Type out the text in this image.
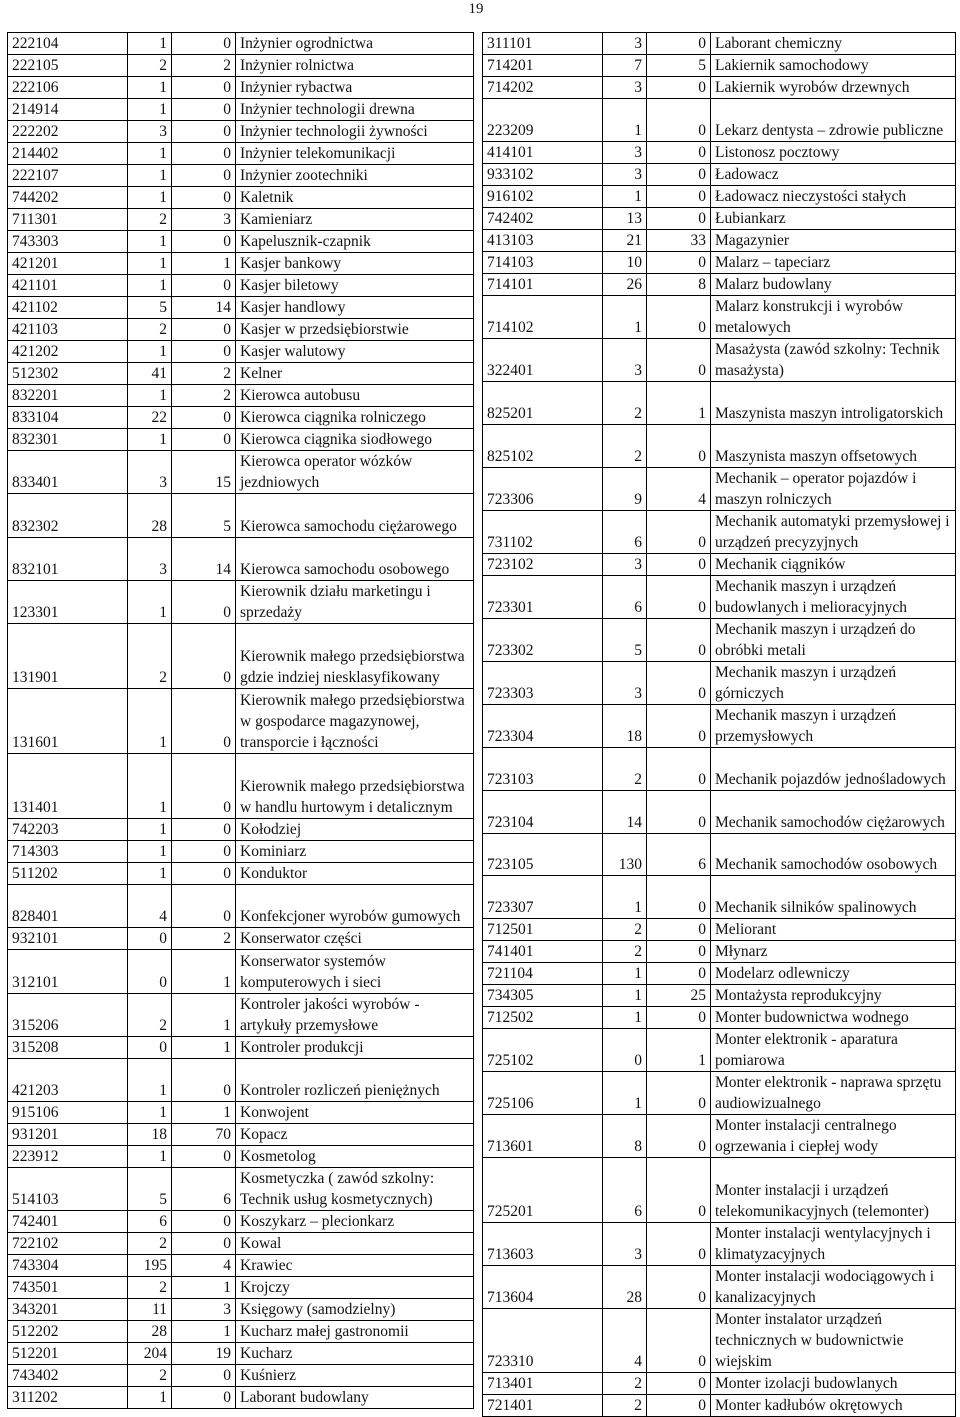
19
222104	1	0	Inżynier ogrodnictwa
222105	2	2	Inżynier rolnictwa
222106	1	0	Inżynier rybactwa
214914	1	0	Inżynier technologii drewna
222202	3	0	Inżynier technologii żywności
214402	1	0	Inżynier telekomunikacji
222107	1	0	Inżynier zootechniki
744202	1	0	Kaletnik
711301	2	3	Kamieniarz
743303	1	0	Kapelusznik-czapnik
421201	1	1	Kasjer bankowy
421101	1	0	Kasjer biletowy
421102	5	14	Kasjer handlowy
421103	2	0	Kasjer w przedsiębiorstwie
421202	1	0	Kasjer walutowy
512302	41	2	Kelner
832201	1	2	Kierowca autobusu
833104	22	0	Kierowca ciągnika rolniczego
832301	1	0	Kierowca ciągnika siodłowego
833401	3	15	Kierowca operator wózków jezdniowych
832302	28	5	Kierowca samochodu ciężarowego
832101	3	14	Kierowca samochodu osobowego
123301	1	0	Kierownik działu marketingu i sprzedaży
131901	2	0	Kierownik małego przedsiębiorstwa gdzie indziej niesklasyfikowany
131601	1	0	Kierownik małego przedsiębiorstwa w gospodarce magazynowej, transporcie i łączności
131401	1	0	Kierownik małego przedsiębiorstwa w handlu hurtowym i detalicznym
742203	1	0	Kołodziej
714303	1	0	Kominiarz
511202	1	0	Konduktor
828401	4	0	Konfekcjoner wyrobów gumowych
932101	0	2	Konserwator części
312101	0	1	Konserwator systemów komputerowych i sieci
315206	2	1	Kontroler jakości wyrobów - artykuły przemysłowe
315208	0	1	Kontroler produkcji
421203	1	0	Kontroler rozliczeń pieniężnych
915106	1	1	Konwojent
931201	18	70	Kopacz
223912	1	0	Kosmetolog
514103	5	6	Kosmetyczka ( zawód szkolny: Technik usług kosmetycznych)
742401	6	0	Koszykarz – plecionkarz
722102	2	0	Kowal
743304	195	4	Krawiec
743501	2	1	Krojczy
343201	11	3	Księgowy (samodzielny)
512202	28	1	Kucharz małej gastronomii
512201	204	19	Kucharz
743402	2	0	Kuśnierz
311202	1	0	Laborant budowlany
311101	3	0	Laborant chemiczny
714201	7	5	Lakiernik samochodowy
714202	3	0	Lakiernik wyrobów drzewnych
223209	1	0	Lekarz dentysta – zdrowie publiczne
414101	3	0	Listonosz pocztowy
933102	3	0	Ładowacz
916102	1	0	Ładowacz nieczystości stałych
742402	13	0	Łubiankarz
413103	21	33	Magazynier
714103	10	0	Malarz – tapeciarz
714101	26	8	Malarz budowlany
714102	1	0	Malarz konstrukcji i wyrobów metalowych
322401	3	0	Masażysta (zawód szkolny: Technik masażysta)
825201	2	1	Maszynista maszyn introligatorskich
825102	2	0	Maszynista maszyn offsetowych
723306	9	4	Mechanik – operator pojazdów i maszyn rolniczych
731102	6	0	Mechanik automatyki przemysłowej i urządzeń precyzyjnych
723102	3	0	Mechanik ciągników
723301	6	0	Mechanik maszyn i urządzeń budowlanych i melioracyjnych
723302	5	0	Mechanik maszyn i urządzeń do obróbki metali
723303	3	0	Mechanik maszyn i urządzeń górniczych
723304	18	0	Mechanik maszyn i urządzeń przemysłowych
723103	2	0	Mechanik pojazdów jednośladowych
723104	14	0	Mechanik samochodów ciężarowych
723105	130	6	Mechanik samochodów osobowych
723307	1	0	Mechanik silników spalinowych
712501	2	0	Meliorant
741401	2	0	Młynarz
721104	1	0	Modelarz odlewniczy
734305	1	25	Montażysta reprodukcyjny
712502	1	0	Monter budownictwa wodnego
725102	0	1	Monter elektronik - aparatura pomiarowa
725106	1	0	Monter elektronik - naprawa sprzętu audiowizualnego
713601	8	0	Monter instalacji centralnego ogrzewania i ciepłej wody
725201	6	0	Monter instalacji i urządzeń telekomunikacyjnych (telemonter)
713603	3	0	Monter instalacji wentylacyjnych i klimatyzacyjnych
713604	28	0	Monter instalacji wodociągowych i kanalizacyjnych
723310	4	0	Monter instalator urządzeń technicznych w budownictwie wiejskim
713401	2	0	Monter izolacji budowlanych
721401	2	0	Monter kadłubów okrętowych
